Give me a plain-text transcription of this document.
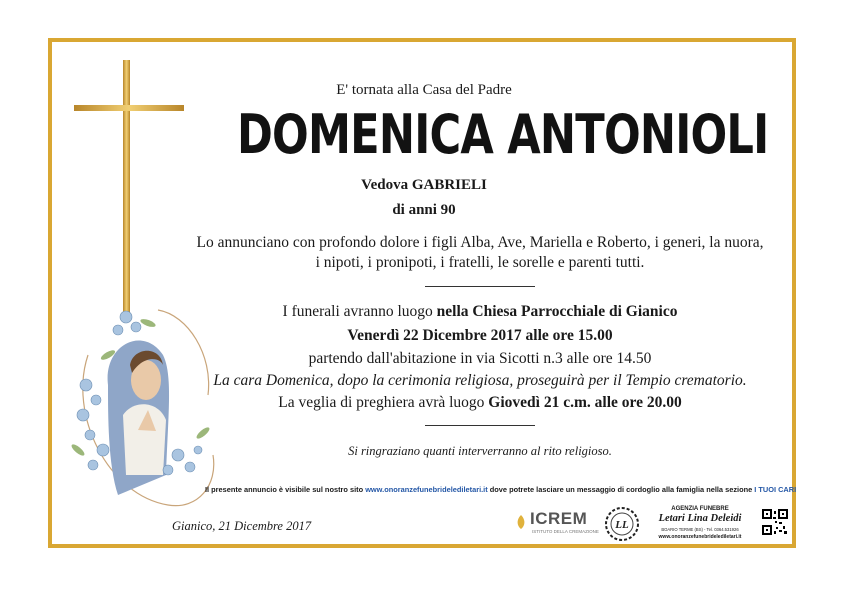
E' tornata alla Casa del Padre
DOMENICA ANTONIOLI
Vedova GABRIELI
di anni 90
Lo annunciano con profondo dolore i figli Alba, Ave, Mariella e Roberto, i generi, la nuora,
i nipoti, i pronipoti, i fratelli, le sorelle e parenti tutti.
I funerali avranno luogo nella Chiesa Parrocchiale di Gianico
Venerdì 22 Dicembre 2017 alle ore 15.00
partendo dall'abitazione in via Sicotti n.3 alle ore 14.50
La cara Domenica, dopo la cerimonia religiosa, proseguirà per il Tempio crematorio.
La veglia di preghiera avrà luogo Giovedì 21 c.m. alle ore 20.00
Si ringraziano quanti interverranno al rito religioso.
Il presente annuncio è visibile sul nostro sito www.onoranzefunebridelediletari.it dove potrete lasciare un messaggio di cordoglio alla famiglia nella sezione I TUOI CARI
Gianico, 21 Dicembre 2017	ICREM
ISTITUTO DELLA CREMAZIONE
LL
AGENZIA FUNEBRE
Letari Lina Deleidi
BOARIO TERME (BS) - Tel. 0364.531926
www.onoranzefunebridelediletari.it
